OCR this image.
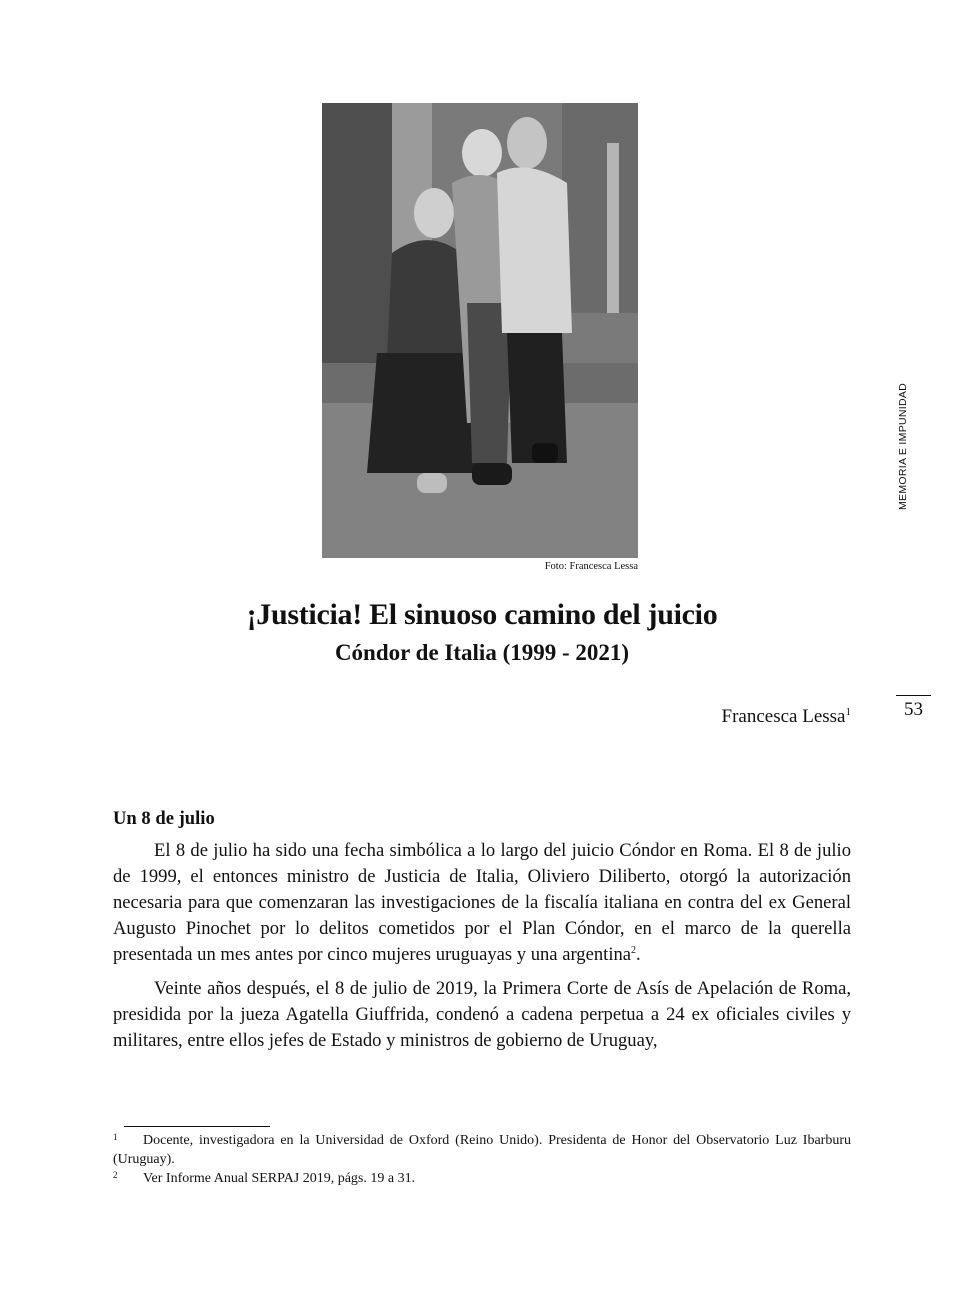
Foto: Francesca Lessa
¡Justicia! El sinuoso camino del juicio
Cóndor de Italia (1999 - 2021)
Francesca Lessa$^1$
MEMORIA E IMPUNIDAD
53
Un 8 de julio

El 8 de julio ha sido una fecha simbólica a lo largo del juicio Cóndor en Roma. El 8 de julio de 1999, el entonces ministro de Justicia de Italia, Oliviero Diliberto, otorgó la autorización necesaria para que comenzaran las investigaciones de la fiscalía italiana en contra del ex General Augusto Pinochet por lo delitos cometidos por el Plan Cóndor, en el marco de la querella presentada un mes antes por cinco mujeres uruguayas y una argentina$^2$.

Veinte años después, el 8 de julio de 2019, la Primera Corte de Asís de Apelación de Roma, presidida por la jueza Agatella Giuffrida, condenó a cadena perpetua a 24 ex oficiales civiles y militares, entre ellos jefes de Estado y ministros de gobierno de Uruguay,

1 Docente, investigadora en la Universidad de Oxford (Reino Unido). Presidenta de Honor del Observatorio Luz Ibarburu (Uruguay).

2 Ver Informe Anual SERPAJ 2019, págs. 19 a 31.
